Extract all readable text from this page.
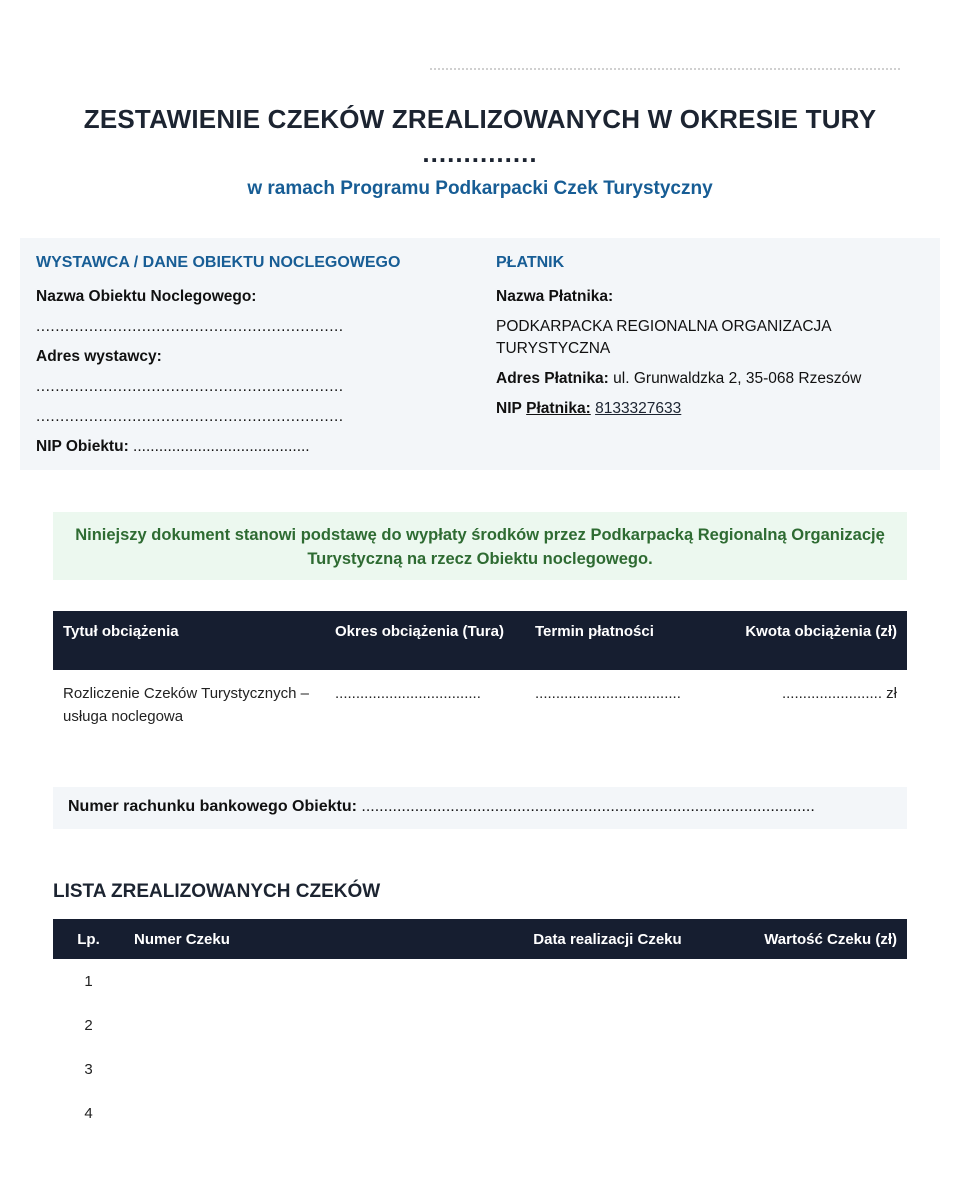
ZESTAWIENIE CZEKÓW ZREALIZOWANYCH W OKRESIE TURY
..............
w ramach Programu Podkarpacki Czek Turystyczny
WYSTAWCA / DANE OBIEKTU NOCLEGOWEGO
Nazwa Obiektu Noclegowego:
................................................................
Adres wystawcy:
................................................................
................................................................
NIP Obiektu: .........................................
PŁATNIK
Nazwa Płatnika:
PODKARPACKA REGIONALNA ORGANIZACJA TURYSTYCZNA
Adres Płatnika: ul. Grunwaldzka 2, 35-068 Rzeszów
NIP Płatnika: 8133327633
Niniejszy dokument stanowi podstawę do wypłaty środków przez Podkarpacką Regionalną Organizację Turystyczną na rzecz Obiektu noclegowego.
Tytuł obciążenia	Okres obciążenia (Tura)	Termin płatności	Kwota obciążenia (zł)
Rozliczenie Czeków Turystycznych – usługa noclegowa	...................................	...................................	........................ zł
Numer rachunku bankowego Obiektu: ......................................................................................................
LISTA ZREALIZOWANYCH CZEKÓW
Lp.	Numer Czeku	Data realizacji Czeku	Wartość Czeku (zł)
1			
2			
3			
4			
